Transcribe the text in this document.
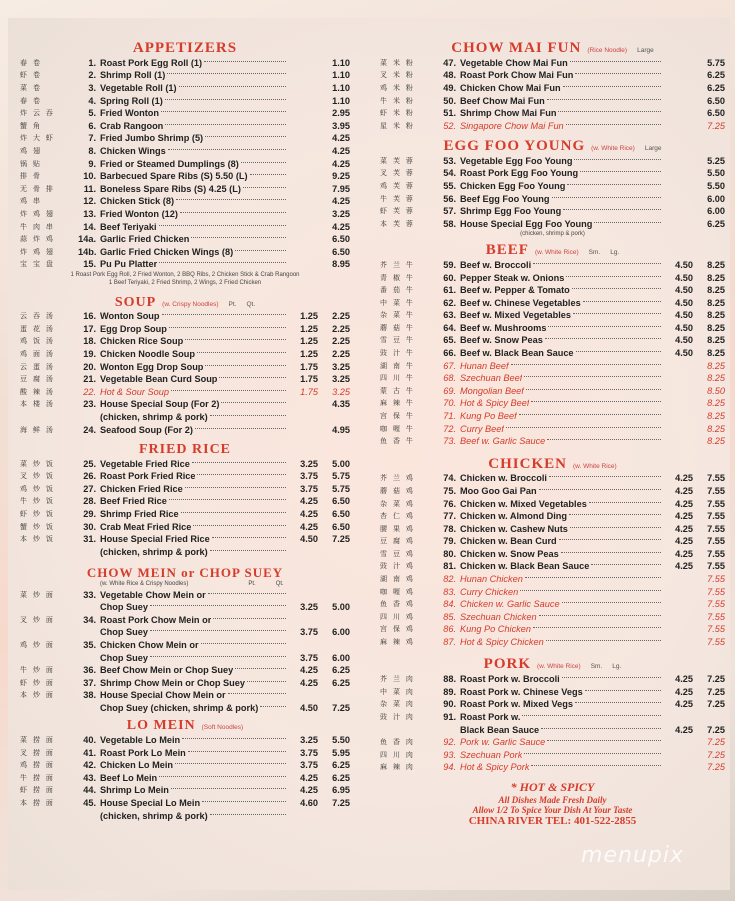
APPETIZERS
春 卷	1. Roast Pork Egg Roll (1)	1.10
虾 卷	2. Shrimp Roll (1)	1.10
菜 卷	3. Vegetable Roll (1)	1.10
春 卷	4. Spring Roll (1)	1.10
炸 云 吞	5. Fried Wonton	2.95
蟹 角	6. Crab Rangoon	3.95
炸 大 虾	7. Fried Jumbo Shrimp (5)	4.25
鸡 翅	8. Chicken Wings	4.25
锅 贴	9. Fried or Steamed Dumplings (8)	4.25
排 骨	10. Barbecued Spare Ribs (S) 5.50 (L)	9.25
无 骨 排	11. Boneless Spare Ribs (S) 4.25 (L)	7.95
鸡 串	12. Chicken Stick (8)	4.25
炸 鸡 翅	13. Fried Wonton (12)	3.25
牛 肉 串	14. Beef Teriyaki	4.25
蒜 炸 鸡	14a. Garlic Fried Chicken	6.50
炸 鸡 翅	14b. Garlic Fried Chicken Wings (8)	6.50
宝 宝 盘	15. Pu Pu Platter	8.95
1 Roast Pork Egg Roll, 2 Fried Wonton, 2 BBQ Ribs, 2 Chicken Stick & Crab Rangoon
1 Beef Teriyaki, 2 Fried Shrimp, 2 Wings, 2 Fried Chicken
SOUP (w. Crispy Noodles) Pt. Qt.
云 吞 汤	16. Wonton Soup	1.25	2.25
蛋 花 汤	17. Egg Drop Soup	1.25	2.25
鸡 饭 汤	18. Chicken Rice Soup	1.25	2.25
鸡 面 汤	19. Chicken Noodle Soup	1.25	2.25
云 蛋 汤	20. Wonton Egg Drop Soup	1.75	3.25
豆 腐 汤	21. Vegetable Bean Curd Soup	1.75	3.25
酸 辣 汤	22. Hot & Sour Soup	1.75	3.25
本 楼 汤	23. House Special Soup (For 2)	4.35
(chicken, shrimp & pork)
海 鲜 汤	24. Seafood Soup (For 2)	4.95
FRIED RICE
菜 炒 饭	25. Vegetable Fried Rice	3.25	5.00
叉 炒 饭	26. Roast Pork Fried Rice	3.75	5.75
鸡 炒 饭	27. Chicken Fried Rice	3.75	5.75
牛 炒 饭	28. Beef Fried Rice	4.25	6.50
虾 炒 饭	29. Shrimp Fried Rice	4.25	6.50
蟹 炒 饭	30. Crab Meat Fried Rice	4.25	6.50
本 炒 饭	31. House Special Fried Rice	4.50	7.25
(chicken, shrimp & pork)
CHOW MEIN or CHOP SUEY
(w. White Rice & Crispy Noodles)	Pt.	Qt.
菜 炒 面	33. Vegetable Chow Mein or
Chop Suey	3.25	5.00
叉 炒 面	34. Roast Pork Chow Mein or
Chop Suey	3.75	6.00
鸡 炒 面	35. Chicken Chow Mein or
Chop Suey	3.75	6.00
牛 炒 面	36. Beef Chow Mein or Chop Suey	4.25	6.25
虾 炒 面	37. Shrimp Chow Mein or Chop Suey	4.25	6.25
本 炒 面	38. House Special Chow Mein or
Chop Suey (chicken, shrimp & pork)	4.50	7.25
LO MEIN (Soft Noodles)
菜 捞 面	40. Vegetable Lo Mein	3.25	5.50
叉 捞 面	41. Roast Pork Lo Mein	3.75	5.95
鸡 捞 面	42. Chicken Lo Mein	3.75	6.25
牛 捞 面	43. Beef Lo Mein	4.25	6.25
虾 捞 面	44. Shrimp Lo Mein	4.25	6.95
本 捞 面	45. House Special Lo Mein	4.60	7.25
(chicken, shrimp & pork)
CHOW MAI FUN (Rice Noodle) Large
菜 米 粉	47. Vegetable Chow Mai Fun	5.75
叉 米 粉	48. Roast Pork Chow Mai Fun	6.25
鸡 米 粉	49. Chicken Chow Mai Fun	6.25
牛 米 粉	50. Beef Chow Mai Fun	6.50
虾 米 粉	51. Shrimp Chow Mai Fun	6.50
星 米 粉	52. Singapore Chow Mai Fun	7.25
EGG FOO YOUNG (w. White Rice) Large
菜 芙 蓉	53. Vegetable Egg Foo Young	5.25
叉 芙 蓉	54. Roast Pork Egg Foo Young	5.50
鸡 芙 蓉	55. Chicken Egg Foo Young	5.50
牛 芙 蓉	56. Beef Egg Foo Young	6.00
虾 芙 蓉	57. Shrimp Egg Foo Young	6.00
本 芙 蓉	58. House Special Egg Foo Young	6.25
(chicken, shrimp & pork)
BEEF (w. White Rice) Sm. Lg.
芥 兰 牛	59. Beef w. Broccoli	4.50	8.25
青 椒 牛	60. Pepper Steak w. Onions	4.50	8.25
番 茄 牛	61. Beef w. Pepper & Tomato	4.50	8.25
中 菜 牛	62. Beef w. Chinese Vegetables	4.50	8.25
杂 菜 牛	63. Beef w. Mixed Vegetables	4.50	8.25
蘑 菇 牛	64. Beef w. Mushrooms	4.50	8.25
雪 豆 牛	65. Beef w. Snow Peas	4.50	8.25
豉 汁 牛	66. Beef w. Black Bean Sauce	4.50	8.25
湖 南 牛	67. Hunan Beef	8.25
四 川 牛	68. Szechuan Beef	8.25
蒙 古 牛	69. Mongolian Beef	8.50
麻 辣 牛	70. Hot & Spicy Beef	8.25
宫 保 牛	71. Kung Po Beef	8.25
咖 喱 牛	72. Curry Beef	8.25
鱼 香 牛	73. Beef w. Garlic Sauce	8.25
CHICKEN (w. White Rice)
芥 兰 鸡	74. Chicken w. Broccoli	4.25	7.55
蘑 菇 鸡	75. Moo Goo Gai Pan	4.25	7.55
杂 菜 鸡	76. Chicken w. Mixed Vegetables	4.25	7.55
杏 仁 鸡	77. Chicken w. Almond Ding	4.25	7.55
腰 果 鸡	78. Chicken w. Cashew Nuts	4.25	7.55
豆 腐 鸡	79. Chicken w. Bean Curd	4.25	7.55
雪 豆 鸡	80. Chicken w. Snow Peas	4.25	7.55
豉 汁 鸡	81. Chicken w. Black Bean Sauce	4.25	7.55
湖 南 鸡	82. Hunan Chicken	7.55
咖 喱 鸡	83. Curry Chicken	7.55
鱼 香 鸡	84. Chicken w. Garlic Sauce	7.55
四 川 鸡	85. Szechuan Chicken	7.55
宫 保 鸡	86. Kung Po Chicken	7.55
麻 辣 鸡	87. Hot & Spicy Chicken	7.55
PORK (w. White Rice) Sm. Lg.
芥 兰 肉	88. Roast Pork w. Broccoli	4.25	7.25
中 菜 肉	89. Roast Pork w. Chinese Vegs	4.25	7.25
杂 菜 肉	90. Roast Pork w. Mixed Vegs	4.25	7.25
豉 汁 肉	91. Roast Pork w.
Black Bean Sauce	4.25	7.25
鱼 香 肉	92. Pork w. Garlic Sauce	7.25
四 川 肉	93. Szechuan Pork	7.25
麻 辣 肉	94. Hot & Spicy Pork	7.25
* HOT & SPICY
All Dishes Made Fresh Daily
Allow 1/2 To Spice Your Dish At Your Taste
CHINA RIVER TEL: 401-522-2855
menupix
